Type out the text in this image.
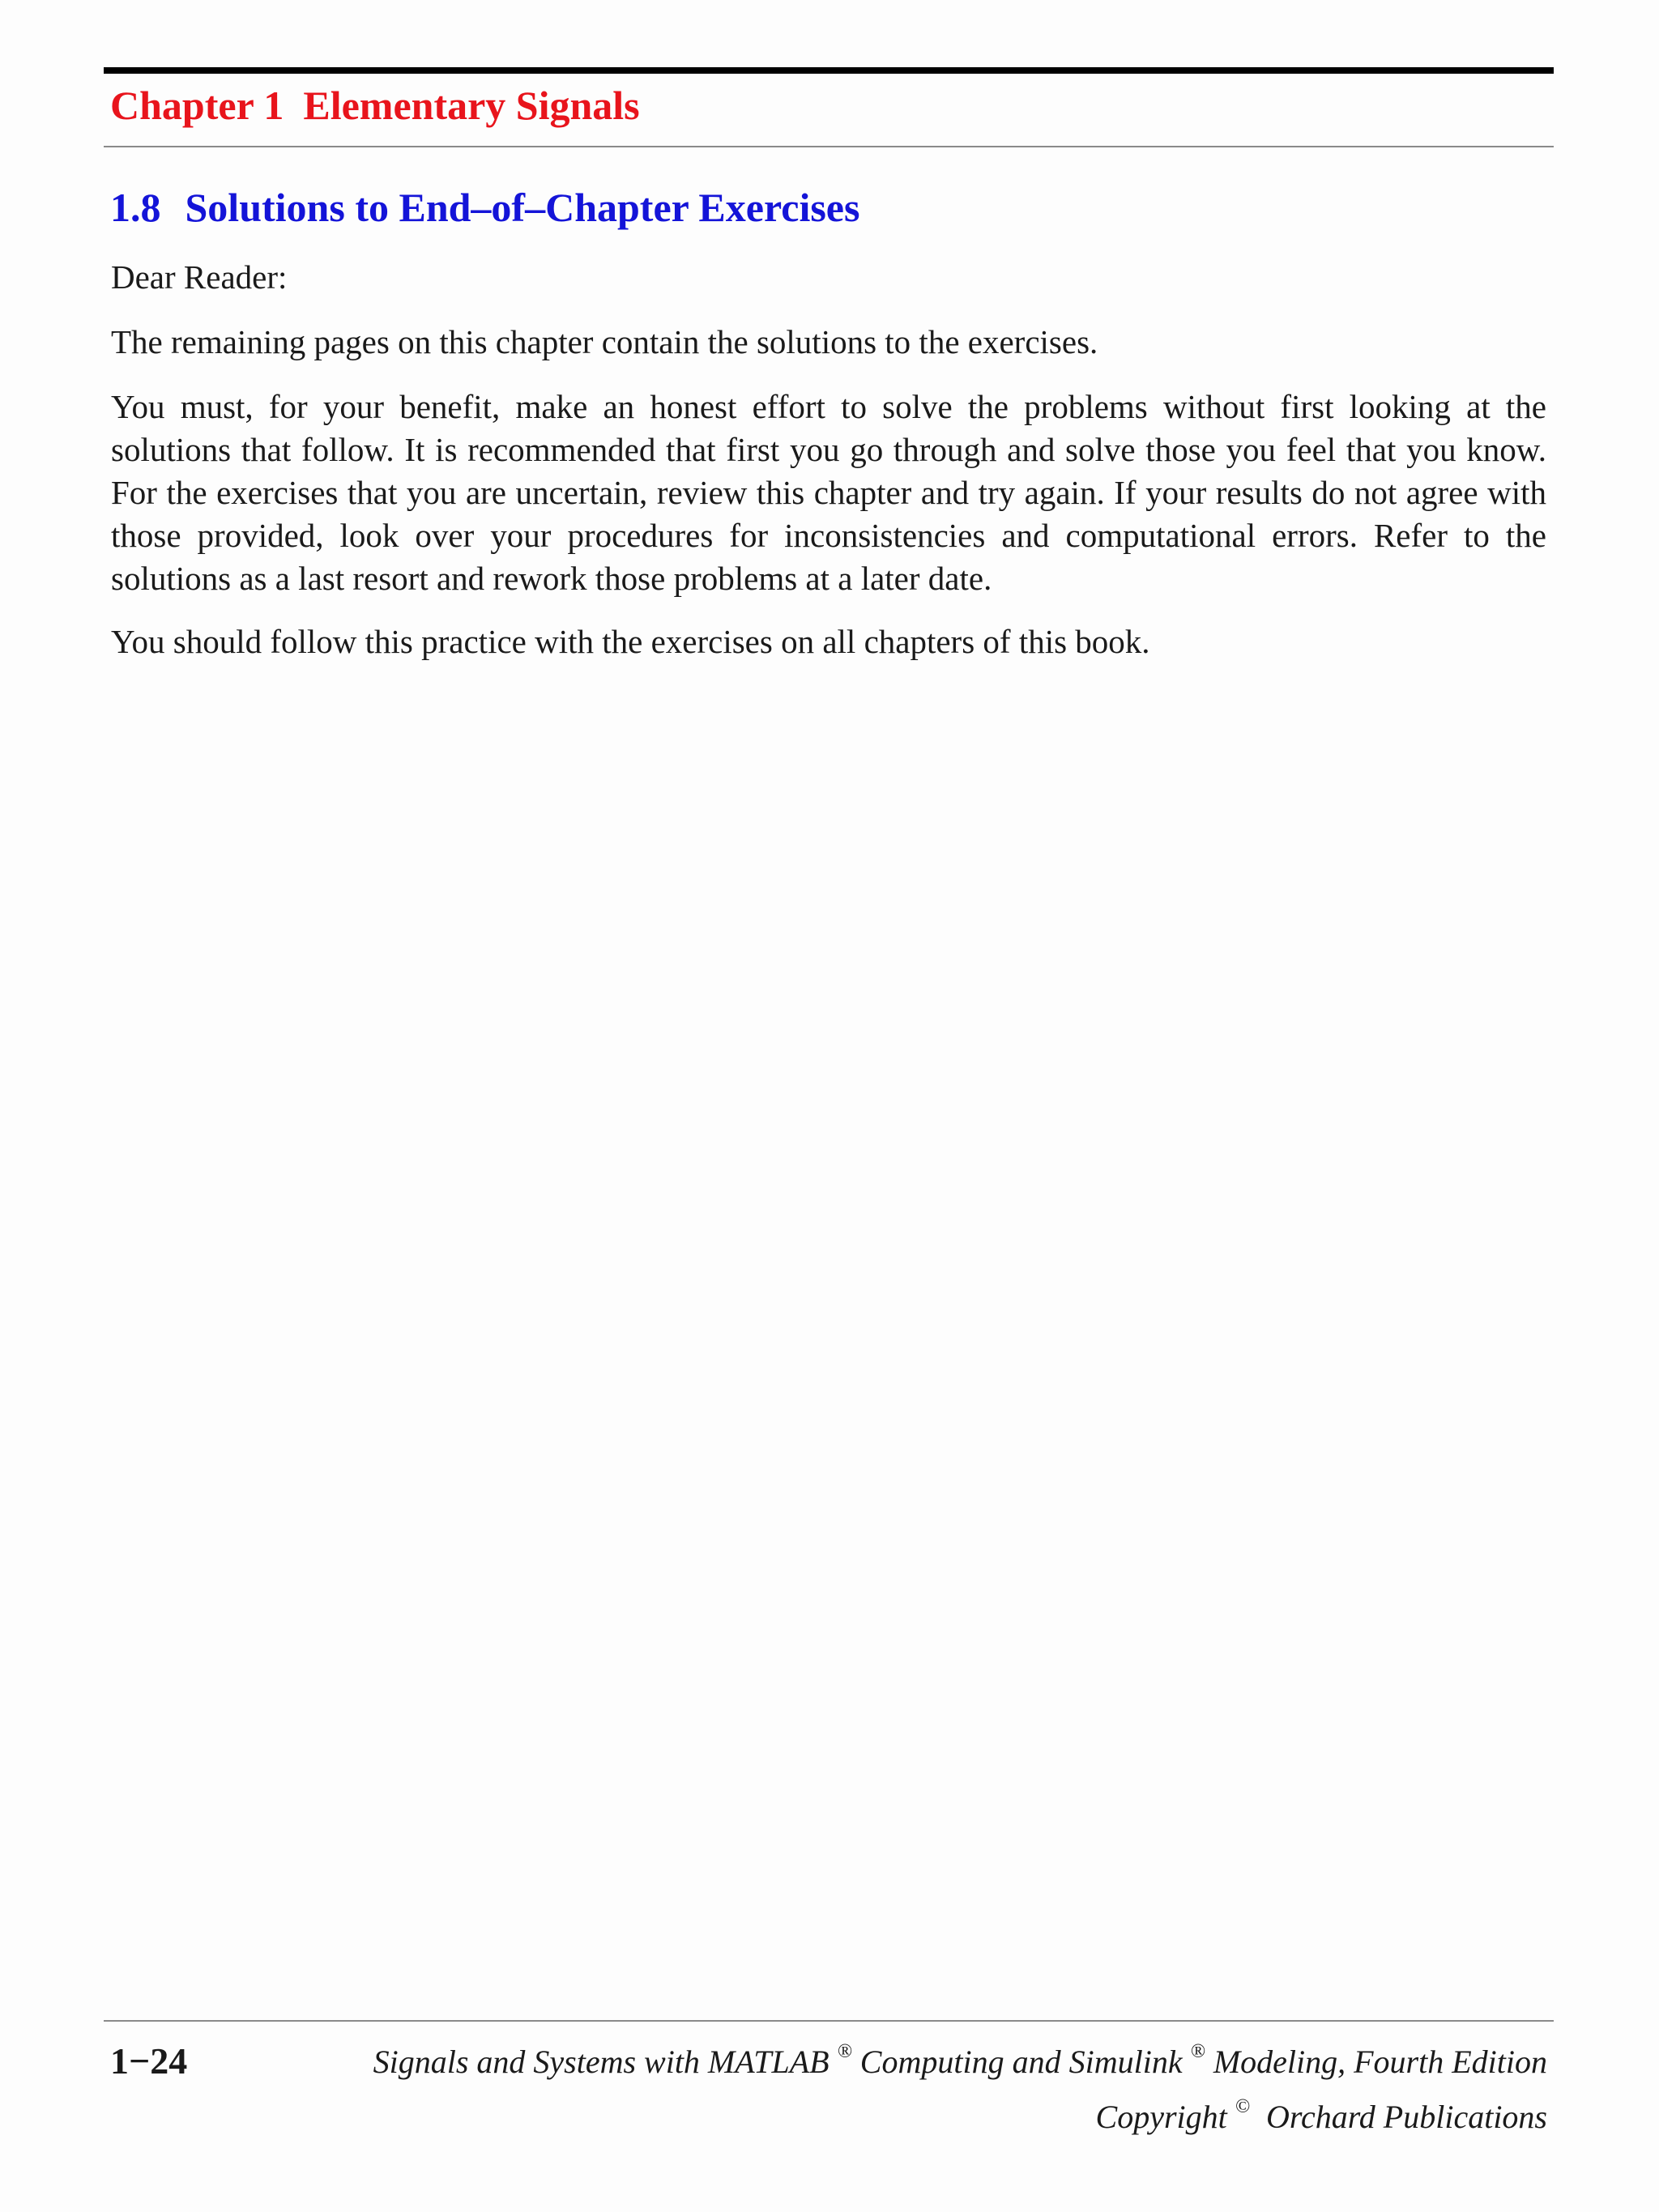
Chapter 1 Elementary Signals
1.8 Solutions to End–of–Chapter Exercises

Dear Reader:

The remaining pages on this chapter contain the solutions to the exercises.

You must, for your benefit, make an honest effort to solve the problems without first looking at the solutions that follow. It is recommended that first you go through and solve those you feel that you know. For the exercises that you are uncertain, review this chapter and try again. If your results do not agree with those provided, look over your procedures for inconsistencies and computational errors. Refer to the solutions as a last resort and rework those problems at a later date.

You should follow this practice with the exercises on all chapters of this book.

1−24	Signals and Systems with MATLAB ® Computing and Simulink ® Modeling, Fourth Edition
Copyright ©  Orchard Publications
